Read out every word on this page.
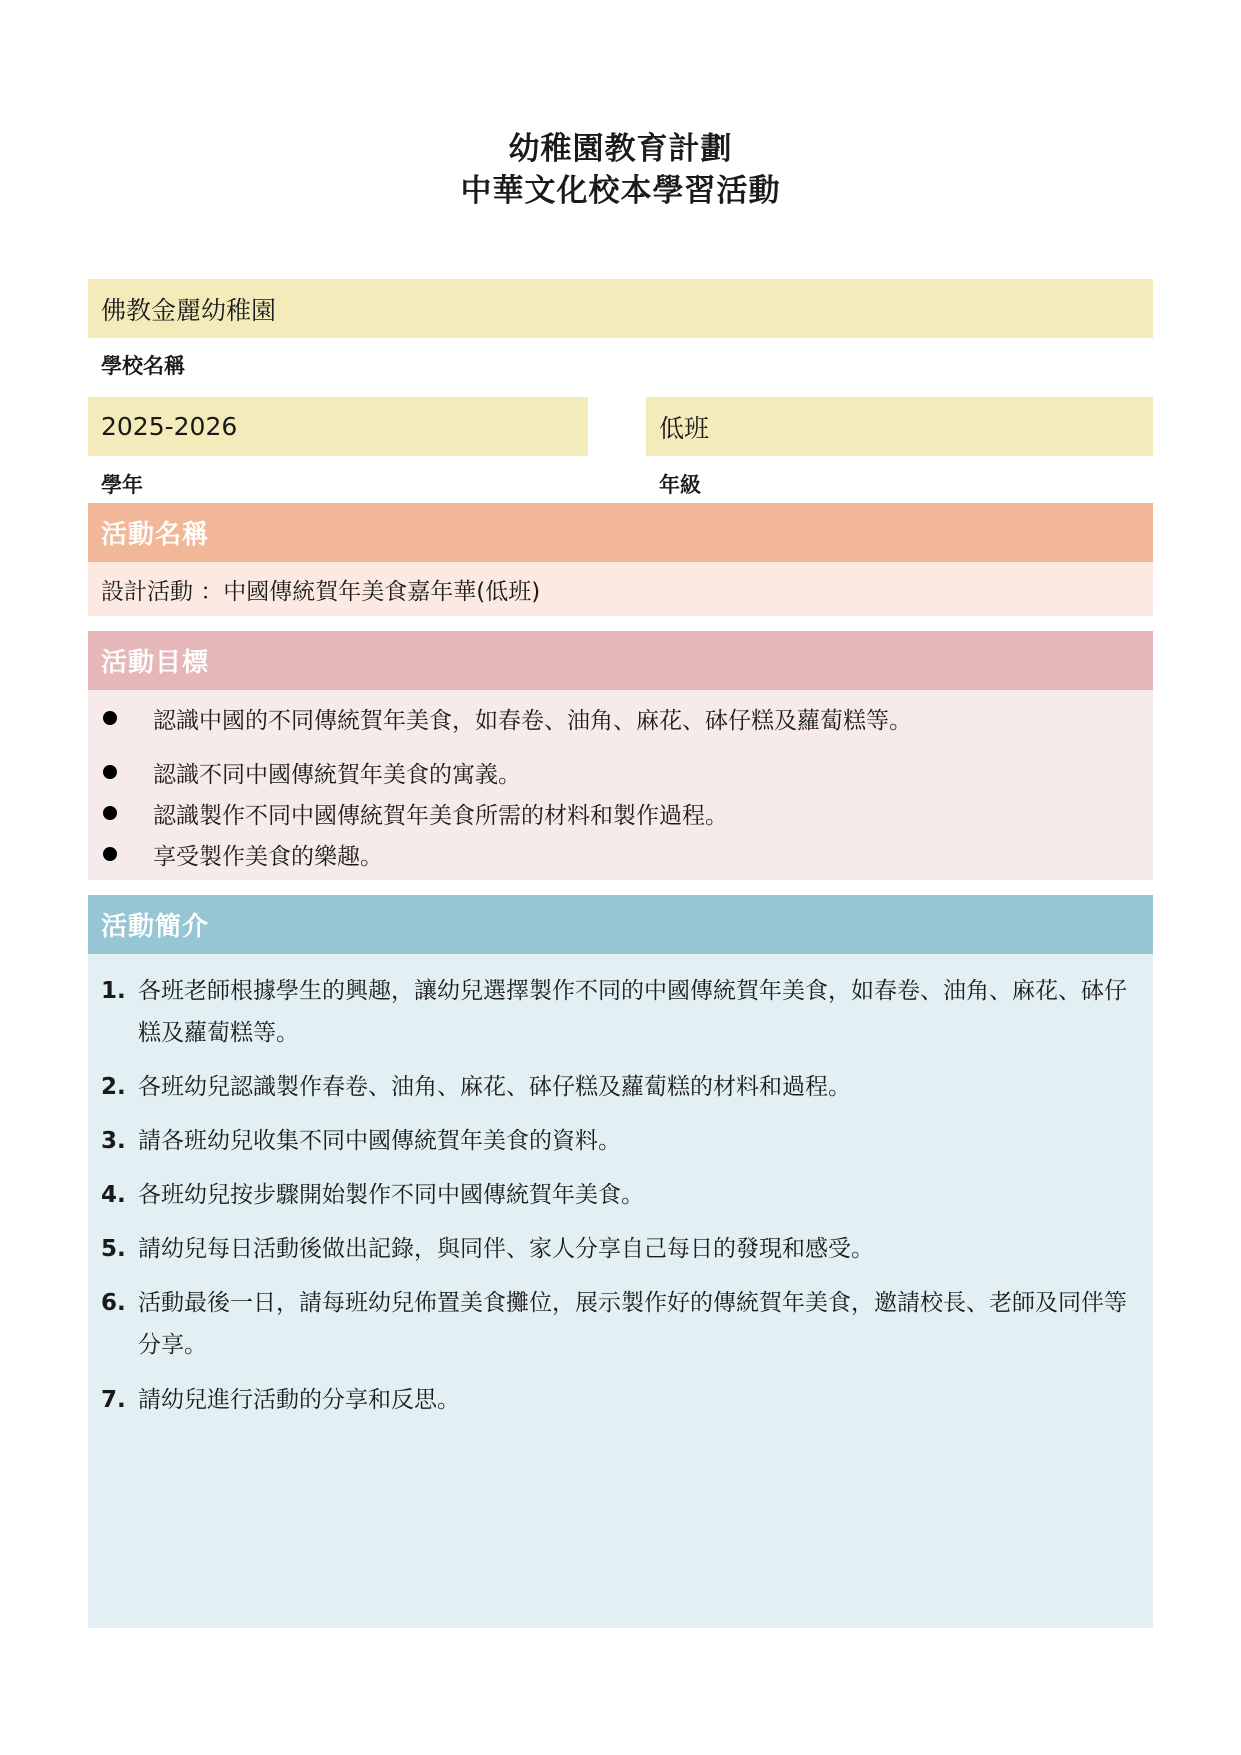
幼稚園教育計劃
中華文化校本學習活動
佛教金麗幼稚園
學校名稱
2025-2026	低班
學年	年級
活動名稱
設計活動 ：中國傳統賀年美食嘉年華(低班)
活動目標
認識中國的不同傳統賀年美食，如春卷、油角、麻花、砵仔糕及蘿蔔糕等。
認識不同中國傳統賀年美食的寓義。
認識製作不同中國傳統賀年美食所需的材料和製作過程。
享受製作美食的樂趣。
活動簡介
1. 各班老師根據學生的興趣，讓幼兒選擇製作不同的中國傳統賀年美食，如春卷、油角、麻花、砵仔糕及蘿蔔糕等。
2. 各班幼兒認識製作春卷、油角、麻花、砵仔糕及蘿蔔糕的材料和過程。
3. 請各班幼兒收集不同中國傳統賀年美食的資料。
4. 各班幼兒按步驟開始製作不同中國傳統賀年美食。
5. 請幼兒每日活動後做出記錄，與同伴、家人分享自己每日的發現和感受。
6. 活動最後一日，請每班幼兒佈置美食攤位，展示製作好的傳統賀年美食，邀請校長、老師及同伴等分享。
7. 請幼兒進行活動的分享和反思。
